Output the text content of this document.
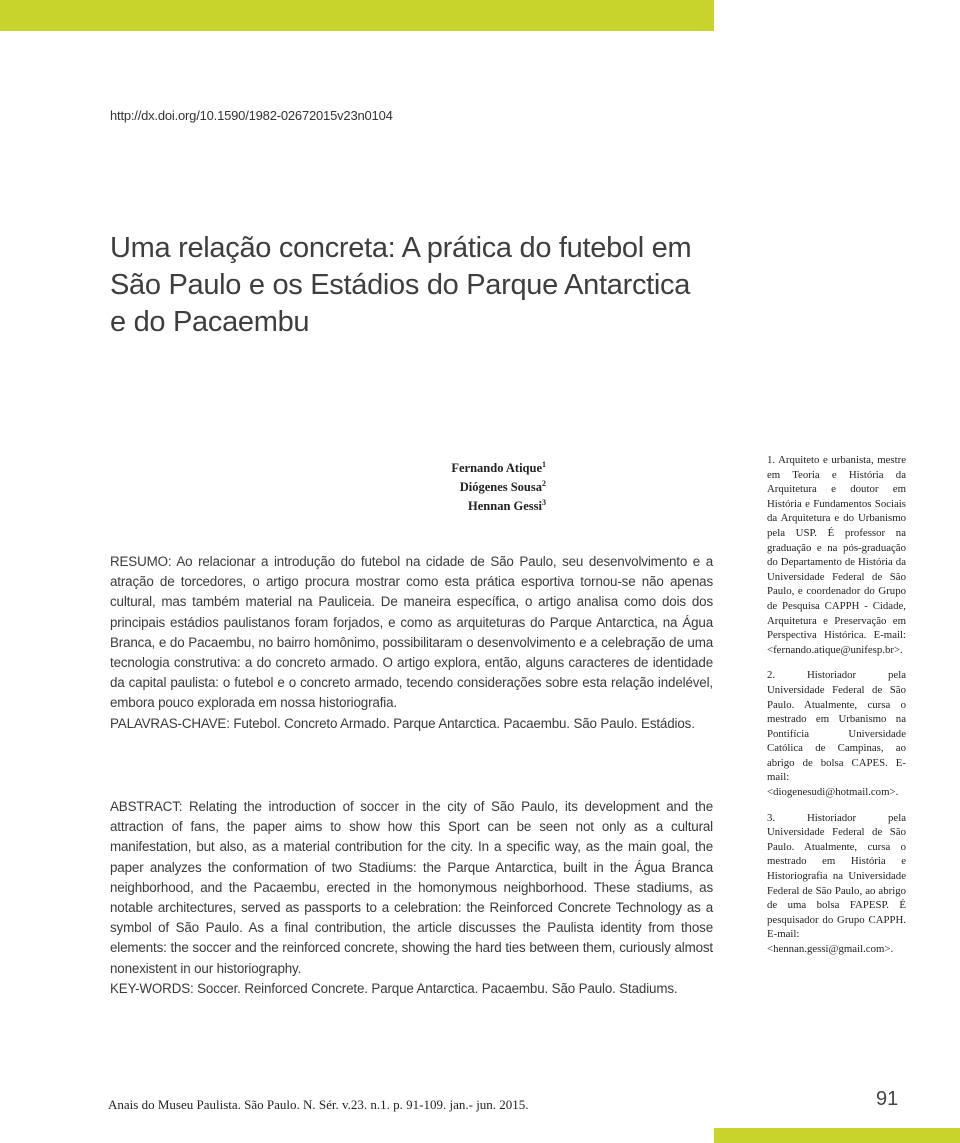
http://dx.doi.org/10.1590/1982-02672015v23n0104
Uma relação concreta: A prática do futebol em São Paulo e os Estádios do Parque Antarctica e do Pacaembu
Fernando Atique$^1$
Diógenes Sousa$^2$
Hennan Gessi$^3$

RESUMO: Ao relacionar a introdução do futebol na cidade de São Paulo, seu desenvolvimento e a atração de torcedores, o artigo procura mostrar como esta prática esportiva tornou-se não apenas cultural, mas também material na Pauliceia. De maneira específica, o artigo analisa como dois dos principais estádios paulistanos foram forjados, e como as arquiteturas do Parque Antarctica, na Água Branca, e do Pacaembu, no bairro homônimo, possibilitaram o desenvolvimento e a celebração de uma tecnologia construtiva: a do concreto armado. O artigo explora, então, alguns caracteres de identidade da capital paulista: o futebol e o concreto armado, tecendo considerações sobre esta relação indelével, embora pouco explorada em nossa historiografia.

PALAVRAS-CHAVE: Futebol. Concreto Armado. Parque Antarctica. Pacaembu. São Paulo. Estádios.

ABSTRACT: Relating the introduction of soccer in the city of São Paulo, its development and the attraction of fans, the paper aims to show how this Sport can be seen not only as a cultural manifestation, but also, as a material contribution for the city. In a specific way, as the main goal, the paper analyzes the conformation of two Stadiums: the Parque Antarctica, built in the Água Branca neighborhood, and the Pacaembu, erected in the homonymous neighborhood. These stadiums, as notable architectures, served as passports to a celebration: the Reinforced Concrete Technology as a symbol of São Paulo. As a final contribution, the article discusses the Paulista identity from those elements: the soccer and the reinforced concrete, showing the hard ties between them, curiously almost nonexistent in our historiography.

KEY-WORDS: Soccer. Reinforced Concrete. Parque Antarctica. Pacaembu. São Paulo. Stadiums.

1. Arquiteto e urbanista, mestre em Teoria e História da Arquitetura e doutor em História e Fundamentos Sociais da Arquitetura e do Urbanismo pela USP. É professor na graduação e na pós-graduação do Departamento de História da Universidade Federal de São Paulo, e coordenador do Grupo de Pesquisa CAPPH - Cidade, Arquitetura e Preservação em Perspectiva Histórica. E-mail: <fernando.atique@unifesp.br>.

2. Historiador pela Universidade Federal de São Paulo. Atualmente, cursa o mestrado em Urbanismo na Pontifícia Universidade Católica de Campinas, ao abrigo de bolsa CAPES. E-mail: <diogenesudi@hotmail.com>.

3. Historiador pela Universidade Federal de São Paulo. Atualmente, cursa o mestrado em História e Historiografia na Universidade Federal de São Paulo, ao abrigo de uma bolsa FAPESP. É pesquisador do Grupo CAPPH. E-mail: <hennan.gessi@gmail.com>.

Anais do Museu Paulista. São Paulo. N. Sér. v.23. n.1. p. 91-109. jan.- jun. 2015.	91
